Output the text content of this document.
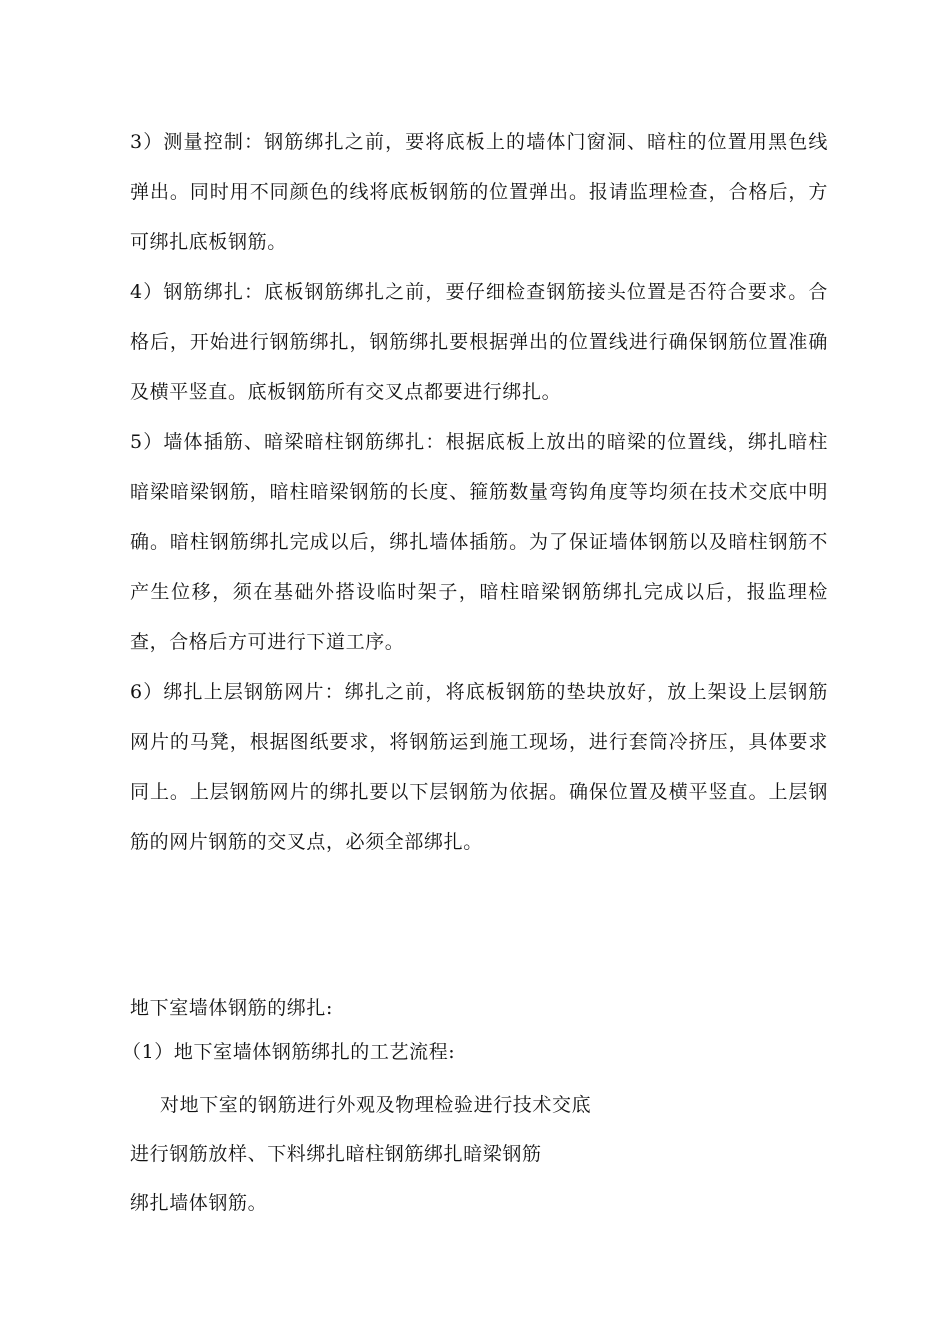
3）测量控制：钢筋绑扎之前，要将底板上的墙体门窗洞、暗柱的位置用黑色线弹出。同时用不同颜色的线将底板钢筋的位置弹出。报请监理检查，合格后，方可绑扎底板钢筋。

4）钢筋绑扎：底板钢筋绑扎之前，要仔细检查钢筋接头位置是否符合要求。合格后，开始进行钢筋绑扎，钢筋绑扎要根据弹出的位置线进行确保钢筋位置准确及横平竖直。底板钢筋所有交叉点都要进行绑扎。

5）墙体插筋、暗梁暗柱钢筋绑扎：根据底板上放出的暗梁的位置线，绑扎暗柱暗梁暗梁钢筋，暗柱暗梁钢筋的长度、箍筋数量弯钩角度等均须在技术交底中明确。暗柱钢筋绑扎完成以后，绑扎墙体插筋。为了保证墙体钢筋以及暗柱钢筋不产生位移，须在基础外搭设临时架子，暗柱暗梁钢筋绑扎完成以后，报监理检查，合格后方可进行下道工序。

6）绑扎上层钢筋网片：绑扎之前，将底板钢筋的垫块放好，放上架设上层钢筋网片的马凳，根据图纸要求，将钢筋运到施工现场，进行套筒冷挤压，具体要求同上。上层钢筋网片的绑扎要以下层钢筋为依据。确保位置及横平竖直。上层钢筋的网片钢筋的交叉点，必须全部绑扎。

地下室墙体钢筋的绑扎:

（1）地下室墙体钢筋绑扎的工艺流程:

对地下室的钢筋进行外观及物理检验进行技术交底

进行钢筋放样、下料绑扎暗柱钢筋绑扎暗梁钢筋

绑扎墙体钢筋。
